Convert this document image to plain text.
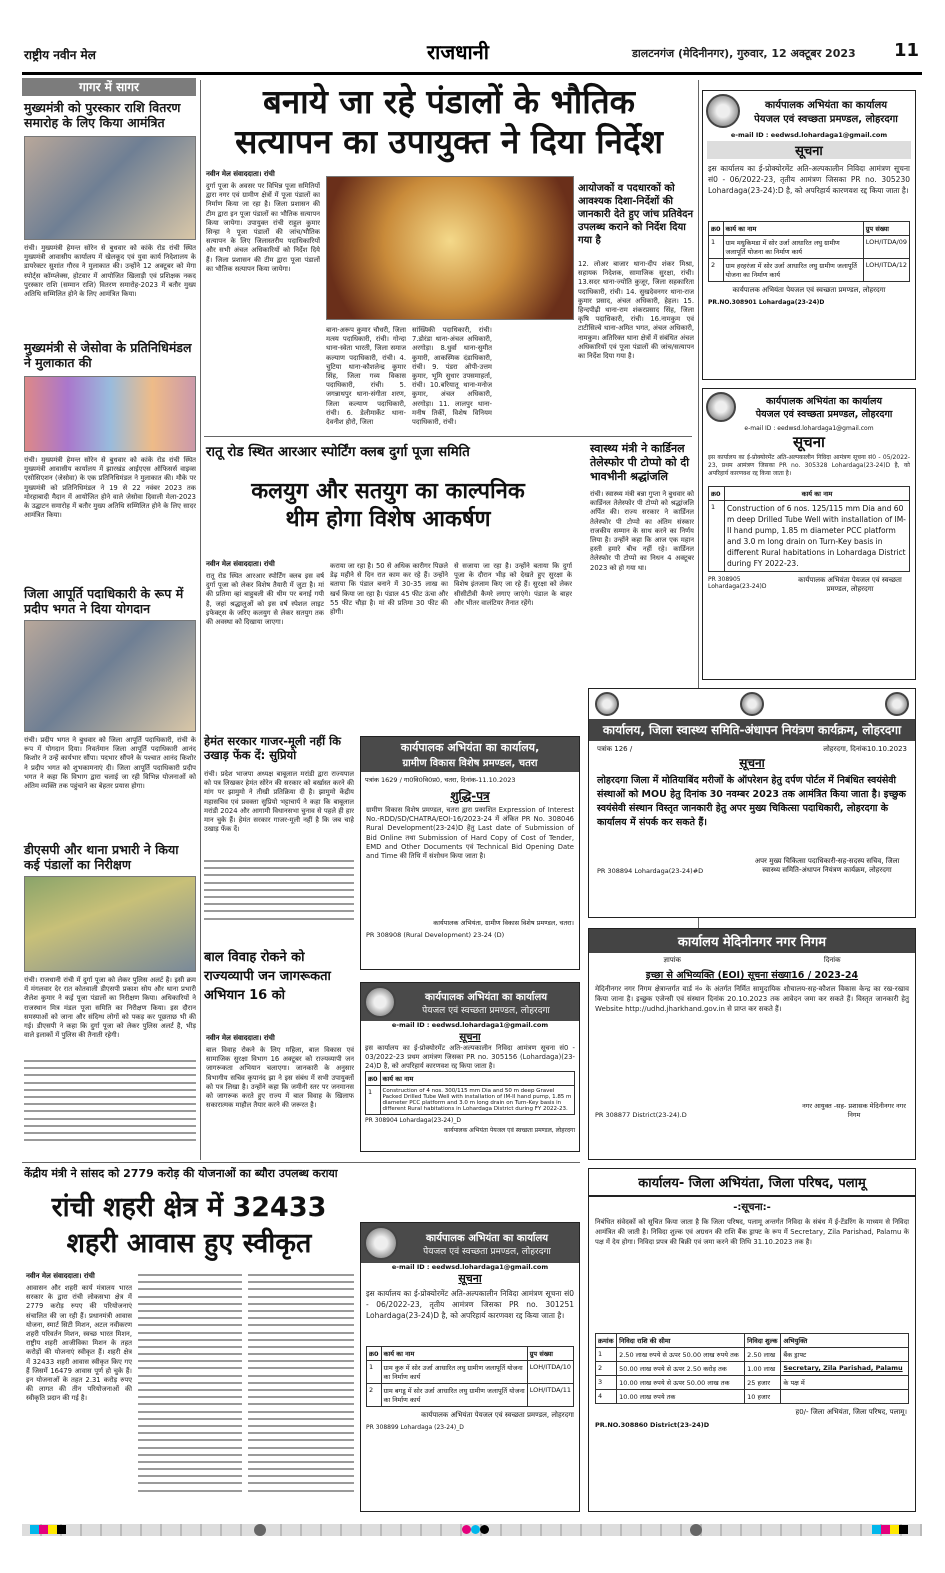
राष्ट्रीय नवीन मेल	राजधानी	डालटनगंज (मेदिनीनगर), गुरुवार, 12 अक्टूबर 2023 11
गागर में सागर
मुख्यमंत्री को पुरस्कार राशि वितरण समारोह के लिए किया आमंत्रित
रांची। मुख्यमंत्री हेमन्त सोरेन से बुधवार को कांके रोड रांची स्थित मुख्यमंत्री आवासीय कार्यालय में खेलकूद एवं युवा कार्य निदेशालय के डायरेक्टर सुशांत गौरव ने मुलाकात की। उन्होंने 12 अक्टूबर को मेगा स्पोर्ट्स कॉम्प्लेक्स, होटवार में आयोजित खिलाड़ी एवं प्रशिक्षक नकद पुरस्कार राशि (सम्मान राशि) वितरण समारोह-2023 में बतौर मुख्य अतिथि सम्मिलित होने के लिए आमंत्रित किया।
मुख्यमंत्री से जेसोवा के प्रतिनिधिमंडल ने मुलाकात की
रांची। मुख्यमंत्री हेमन्त सोरेन से बुधवार को कांके रोड रांची स्थित मुख्यमंत्री आवासीय कार्यालय में झारखंड आईएएस ऑफिसर्स वाइव्स एसोसिएशन (जेसोवा) के एक प्रतिनिधिमंडल ने मुलाकात की। मौके पर मुख्यमंत्री को प्रतिनिधिमंडल ने 19 से 22 नवंबर 2023 तक मोरहाबादी मैदान में आयोजित होने वाले जेसोवा दिवाली मेला-2023 के उद्घाटन समारोह में बतौर मुख्य अतिथि सम्मिलित होने के लिए सादर आमंत्रित किया।
जिला आपूर्ति पदाधिकारी के रूप में प्रदीप भगत ने दिया योगदान
रांची। प्रदीप भगत ने बुधवार को जिला आपूर्ति पदाधिकारी, रांची के रूप में योगदान दिया। निवर्तमान जिला आपूर्ति पदाधिकारी आनंद किशोर ने उन्हें कार्यभार सौंपा। पदभार सौंपने के पश्चात आनंद किशोर ने प्रदीप भगत को शुभकामनाएं दी। जिला आपूर्ति पदाधिकारी प्रदीप भगत ने कहा कि विभाग द्वारा चलाई जा रही विभिन्न योजनाओं को अंतिम व्यक्ति तक पहुंचाने का बेहतर प्रयास होगा।
डीएसपी और थाना प्रभारी ने किया कई पंडालों का निरीक्षण
रांची। राजधानी रांची में दुर्गा पूजा को लेकर पुलिस अलर्ट है। इसी क्रम में मंगलवार देर रात कोतवाली डीएसपी प्रकाश सोय और थाना प्रभारी शैलेश कुमार ने कई पूजा पंडालों का निरीक्षण किया। अधिकारियों ने राजस्थान मित्र मंडल पूजा समिति का निरीक्षण किया। इस दौरान समस्याओं को जाना और संदिग्ध लोगों को पकड़ कर पूछताछ भी की गई। डीएसपी ने कहा कि दुर्गा पूजा को लेकर पुलिस अलर्ट है, भीड़ वाले इलाकों में पुलिस की तैनाती रहेगी।
बनाये जा रहे पंडालों के भौतिक
सत्यापन का उपायुक्त ने दिया निर्देश
नवीन मेल संवाददाता। रांची
दुर्गा पूजा के अवसर पर विभिन्न पूजा समितियों द्वारा नगर एवं ग्रामीण क्षेत्रों में पूजा पंडालों का निर्माण किया जा रहा है। जिला प्रशासन की टीम द्वारा इन पूजा पंडालों का भौतिक सत्यापन किया जायेगा। उपायुक्त रांची राहुल कुमार सिन्हा ने पूजा पंडालों की जांच/भौतिक सत्यापन के लिए जिलास्तरीय पदाधिकारियों और सभी अंचल अधिकारियों को निर्देश दिये हैं। जिला प्रशासन की टीम द्वारा पूजा पंडालों का भौतिक सत्यापन किया जायेगा।
आयोजकों व पदधारकों को आवश्यक दिशा-निर्देशों की जानकारी देते हुए जांच प्रतिवेदन उपलब्ध कराने को निर्देश दिया गया है
बाना-अरूप कुमार चौधरी, जिला मत्स्य पदाधिकारी, रांची। गोन्दा थाना-स्वेता भारती, जिला समाज कल्याण पदाधिकारी, रांची। 4. चुटिया थाना-कौशलेन्द्र कुमार सिंह, जिला गव्य विकास पदाधिकारी, रांची। 5. जगन्नाथपुर थाना-संगीता शरण, जिला कल्याण पदाधिकारी, रांची। 6. डेलीमार्केट थाना-देवनीश होरो, जिला
सांख्यिकी पदाधिकारी, रांची। 7.डोरंडा थाना-अंचल अधिकारी, अरगोड़ा। 8.धुर्वा थाना-सुमीत कुमारी, आकस्मिक दंडाधिकारी, रांची। 9. पंडरा ओपी-उत्तम कुमार, भूमि सुधार उपसमाहर्ता, रांची। 10.बरियातू थाना-मनोज कुमार, अंचल अधिकारी, अरगोड़ा। 11. लालपुर थाना-मनीष तिर्की, विशेष विनियम पदाधिकारी, रांची।
12. लोअर बाजार थाना-दीप शंकर मिश्रा, सहायक निदेशक, सामाजिक सुरक्षा, रांची। 13.सदर थाना-ज्योति कुजूर, जिला सहकारिता पदाधिकारी, रांची। 14. सुखदेवनगर थाना-राज कुमार प्रसाद, अंचल अधिकारी, हेहल। 15. हिन्दपीढ़ी थाना-राम शंकरप्रसाद सिंह, जिला कृषि पदाधिकारी, रांची। 16.नामकुम एवं टाटीसिल्वे थाना-अमित भगत, अंचल अधिकारी, नामकुम। अतिरिक्त थाना क्षेत्रों में संबंधित अंचल अधिकारियों एवं पूजा पंडालों की जांच/सत्यापन का निर्देश दिया गया है।
रातू रोड स्थित आरआर स्पोर्टिंग क्लब दुर्गा पूजा समिति
कलयुग और सतयुग का काल्पनिक
थीम होगा विशेष आकर्षण
नवीन मेल संवाददाता। रांची
रातू रोड स्थित आरआर स्पोर्टिंग क्लब इस वर्ष दुर्गा पूजा को लेकर विशेष तैयारी में जुटा है। मां की प्रतिमा व्हां बाहुबली की थीम पर बनाई गयी है, जहां श्रद्धालुओं को इस वर्ष स्पेशल लाइट इफेक्ट्स के जरिए कलयुग से लेकर सतयुग तक की अवस्था को दिखाया जाएगा।
कराया जा रहा है। 50 से अधिक कारीगर पिछले डेढ़ महीने से दिन रात काम कर रहे हैं। उन्होंने बताया कि पंडाल बनाने में 30-35 लाख का खर्च किया जा रहा है। पंडाल 45 फीट ऊंचा और 55 फीट चौड़ा है। मां की प्रतिमा 30 फीट की होगी।
से सजाया जा रहा है। उन्होंने बताया कि दुर्गा पूजा के दौरान भीड़ को देखते हुए सुरक्षा के विशेष इंतजाम किए जा रहे हैं। सुरक्षा को लेकर सीसीटीवी कैमरे लगाए जाएंगे। पंडाल के बाहर और भीतर वालंटियर तैनात रहेंगे।
स्वास्थ्य मंत्री ने कार्डिनल तेलेस्फोर पी टोप्पो को दी भावभीनी श्रद्धांजलि
रांची। स्वास्थ्य मंत्री बन्ना गुप्ता ने बुधवार को कार्डिनल तेलेस्फोर पी टोप्पो को श्रद्धांजलि अर्पित की। राज्य सरकार ने कार्डिनल तेलेस्फोर पी टोप्पो का अंतिम संस्कार राजकीय सम्मान के साथ करने का निर्णय लिया है। उन्होंने कहा कि आज एक महान हस्ती हमारे बीच नहीं रहे। कार्डिनल तेलेस्फोर पी टोप्पो का निधन 4 अक्टूबर 2023 को हो गया था।
हेमंत सरकार गाजर-मूली नहीं कि उखाड़ फेंक दें: सुप्रियो
रांची। प्रदेश भाजपा अध्यक्ष बाबूलाल मरांडी द्वारा राज्यपाल को पत्र लिखकर हेमंत सोरेन की सरकार को बर्खास्त करने की मांग पर झामुमो ने तीखी प्रतिक्रिया दी है। झामुमो केंद्रीय महासचिव एवं प्रवक्ता सुप्रियो भट्टाचार्य ने कहा कि बाबूलाल मरांडी 2024 और आगामी विधानसभा चुनाव से पहले ही हार मान चुके हैं। हेमंत सरकार गाजर-मूली नहीं है कि जब चाहे उखाड़ फेंक दें।
बाल विवाह रोकने को राज्यव्यापी जन जागरूकता अभियान 16 को
नवीन मेल संवाददाता। रांची
बाल विवाह रोकने के लिए महिला, बाल विकास एवं सामाजिक सुरक्षा विभाग 16 अक्टूबर को राज्यव्यापी जन जागरूकता अभियान चलाएगा। जानकारी के अनुसार विभागीय सचिव कृपानंद झा ने इस संबंध में सभी उपायुक्तों को पत्र लिखा है। उन्होंने कहा कि जमीनी स्तर पर जनमानस को जागरूक करते हुए राज्य में बाल विवाह के खिलाफ सकारात्मक माहौल तैयार करने की जरूरत है।
कार्यपालक अभियंता का कार्यालय,
ग्रामीण विकास विशेष प्रमण्डल, चतरा
पत्रांक 1629 / गा0वि0वि0प्र0, चतरा, दिनांक-11.10.2023
शुद्धि-पत्र
ग्रामीण विकास विशेष प्रमण्डल, चतरा द्वारा प्रकाशित Expression of Interest No.-RDD/SD/CHATRA/EOI-16/2023-24 में अंकित PR No. 308046 Rural Development(23-24)D हेतु Last date of Submission of Bid Online तथा Submission of Hard Copy of Cost of Tender, EMD and Other Documents एवं Technical Bid Opening Date and Time की तिथि में संशोधन किया जाता है।
कार्यपालक अभियंता, ग्रामीण विकास विशेष प्रमण्डल, चतरा।
PR 308908 (Rural Development) 23-24 (D)
कार्यपालक अभियंता का कार्यालय
पेयजल एवं स्वच्छता प्रमण्डल, लोहरदगा
e-mail ID : eedwsd.lohardaga1@gmail.com
सूचना
इस कार्यालय का ई-प्रोक्योरमेंट अति-अल्पकालीन निविदा आमंत्रण सूचना सं0 - 03/2022-23 प्रथम आमंत्रण जिसका PR no. 305156 (Lohardaga)(23-24)D है, को अपरिहार्य कारणवश रद्द किया जाता है।
क्र0	कार्य का नाम
1	Construction of 4 nos. 300/115 mm Dia and 50 m deep Gravel Packed Drilled Tube Well with installation of IM-II hand pump, 1.85 m diameter PCC platform and 3.0 m long drain on Turn-Key basis in different Rural habitations in Lohardaga District during FY 2022-23.
PR 308904 Lohardaga(23-24)_D
कार्यपालक अभियंता पेयजल एवं स्वच्छता प्रमण्डल, लोहरदगा
कार्यपालक अभियंता का कार्यालय
पेयजल एवं स्वच्छता प्रमण्डल, लोहरदगा
e-mail ID : eedwsd.lohardaga1@gmail.com
सूचना
इस कार्यालय का ई-प्रोक्योरमेंट अति-अल्पकालीन निविदा आमंत्रण सूचना सं0 - 06/2022-23, तृतीय आमंत्रण जिसका PR no. 305230 Lohardaga(23-24):D है, को अपरिहार्य कारणवश रद्द किया जाता है।
क्र0	कार्य का नाम	ग्रुप संख्या
1	ग्राम मधुकिमडा में सोर उर्जा आधारित लघु ग्रामीण जलापूर्ति योजना का निर्माण कार्य	LOH/ITDA/09
2	ग्राम हरहरंजा में सोर उर्जा आधारित लघु ग्रामीण जलापूर्ति योजना का निर्माण कार्य	LOH/ITDA/12
कार्यपालक अभियंता पेयजल एवं स्वच्छता प्रमण्डल, लोहरदगा
PR.NO.308901 Lohardaga(23-24)D
कार्यपालक अभियंता का कार्यालय
पेयजल एवं स्वच्छता प्रमण्डल, लोहरदगा
e-mail ID : eedwsd.lohardaga1@gmail.com
सूचना
इस कार्यालय का ई-प्रोक्योरमेंट अति-अल्पकालीन निविदा आमंत्रण सूचना सं0 - 05/2022-23, प्रथम आमंत्रण जिसका PR no. 305328 Lohardaga(23-24)D है, को अपरिहार्य कारणवश रद्द किया जाता है।
क्र0	कार्य का नाम
1	Construction of 6 nos. 125/115 mm Dia and 60 m deep Drilled Tube Well with installation of IM-II hand pump, 1.85 m diameter PCC platform and 3.0 m long drain on Turn-Key basis in different Rural habitations in Lohardaga District during FY 2022-23.
PR 308905 Lohardaga(23-24)D
कार्यपालक अभियंता पेयजल एवं स्वच्छता प्रमण्डल, लोहरदगा
कार्यालय, जिला स्वास्थ्य समिति-अंधापन नियंत्रण कार्यक्रम, लोहरदगा
पत्रांक 126 /	लोहरदगा, दिनांक10.10.2023
सूचना
लोहरदगा जिला में मोतियाबिंद मरीजों के ऑपरेशन हेतु दर्पण पोर्टल में निबंधित स्वयंसेवी संस्थाओं को MOU हेतु दिनांक 30 नवम्बर 2023 तक आमंत्रित किया जाता है। इच्छुक स्वयंसेवी संस्थान विस्तृत जानकारी हेतु अपर मुख्य चिकित्सा पदाधिकारी, लोहरदगा के कार्यालय में संपर्क कर सकते हैं।
PR 308894 Lohardaga(23-24)#D
अपर मुख्य चिकित्सा पदाधिकारी-सह-सदस्य सचिव, जिला स्वास्थ्य समिति-अंधापन नियंत्रण कार्यक्रम, लोहरदगा
कार्यालय मेदिनीनगर नगर निगम
ज्ञापांक	दिनांक
इच्छा से अभिव्यक्ति (EOI) सूचना संख्या16 / 2023-24
मेदिनीनगर नगर निगम क्षेत्रान्तर्गत वार्ड नं० के अंतर्गत निर्मित सामुदायिक शौचालय-सह-कौशल विकास केन्द्र का रख-रखाव किया जाना है। इच्छुक एजेन्सी एवं संस्थान दिनांक 20.10.2023 तक आवेदन जमा कर सकते हैं। विस्तृत जानकारी हेतु Website http://udhd.jharkhand.gov.in से प्राप्त कर सकते हैं।
PR 308877 District(23-24).D
नगर आयुक्त -सह- प्रशासक मेदिनीनगर नगर निगम
केंद्रीय मंत्री ने सांसद को 2779 करोड़ की योजनाओं का ब्यौरा उपलब्ध कराया
रांची शहरी क्षेत्र में 32433
शहरी आवास हुए स्वीकृत
नवीन मेल संवाददाता। रांची
आवासन और शहरी कार्य मंत्रालय भारत सरकार के द्वारा रांची लोकसभा क्षेत्र में 2779 करोड़ रुपए की परियोजनाएं संचालित की जा रही हैं। प्रधानमंत्री आवास योजना, स्मार्ट सिटी मिशन, अटल नवीकरण शहरी परिवर्तन मिशन, स्वच्छ भारत मिशन, राष्ट्रीय शहरी आजीविका मिशन के तहत करोड़ों की योजनाएं स्वीकृत हैं। शहरी क्षेत्र में 32433 शहरी आवास स्वीकृत किए गए हैं जिसमें 16479 आवास पूर्ण हो चुके हैं। इन योजनाओं के तहत 2.31 करोड़ रुपए की लागत की तीन परियोजनाओं की स्वीकृति प्रदान की गई है।
कार्यपालक अभियंता का कार्यालय
पेयजल एवं स्वच्छता प्रमण्डल, लोहरदगा
e-mail ID : eedwsd.lohardaga1@gmail.com
सूचना
इस कार्यालय का ई-प्रोक्योरमेंट अति-अल्पकालीन निविदा आमंत्रण सूचना सं0 - 06/2022-23, तृतीय आमंत्रण जिसका PR no. 301251 Lohardaga(23-24)D है, को अपरिहार्य कारणवश रद्द किया जाता है।
क्र0	कार्य का नाम	ग्रुप संख्या
1	ग्राम कुरु में सोर उर्जा आधारित लघु ग्रामीण जलापूर्ति योजना का निर्माण कार्य	LOH/ITDA/10
2	ग्राम बगडू में सोर उर्जा आधारित लघु ग्रामीण जलापूर्ति योजना का निर्माण कार्य	LOH/ITDA/11
कार्यपालक अभियंता पेयजल एवं स्वच्छता प्रमण्डल, लोहरदगा
PR 308899 Lohardaga (23-24)_D
कार्यालय- जिला अभियंता, जिला परिषद, पलामू
-:सूचना:-
निबंधित संवेदकों को सूचित किया जाता है कि जिला परिषद, पलामू अन्तर्गत निविदा के संबंध में ई-टेंडरिंग के माध्यम से निविदा आमंत्रित की जाती है। निविदा शुल्क एवं अग्रधन की राशि बैंक ड्राफ्ट के रूप में Secretary, Zila Parishad, Palamu के पक्ष में देय होगा। निविदा प्रपत्र की बिक्री एवं जमा करने की तिथि 31.10.2023 तक है।
क्रमांक	निविदा राशि की सीमा	निविदा शुल्क	अभियुक्ति
1	2.50 लाख रुपये से ऊपर 50.00 लाख रुपये तक	2.50 लाख	बैंक ड्राफ्ट
2	50.00 लाख रुपये से ऊपर 2.50 करोड़ तक	1.00 लाख	Secretary, Zila Parishad, Palamu
3	10.00 लाख रुपये से ऊपर 50.00 लाख तक	25 हजार	के पक्ष में
4	10.00 लाख रुपये तक	10 हजार	
ह0/- जिला अभियंता, जिला परिषद, पलामू।
PR.NO.308860 District(23-24)D
